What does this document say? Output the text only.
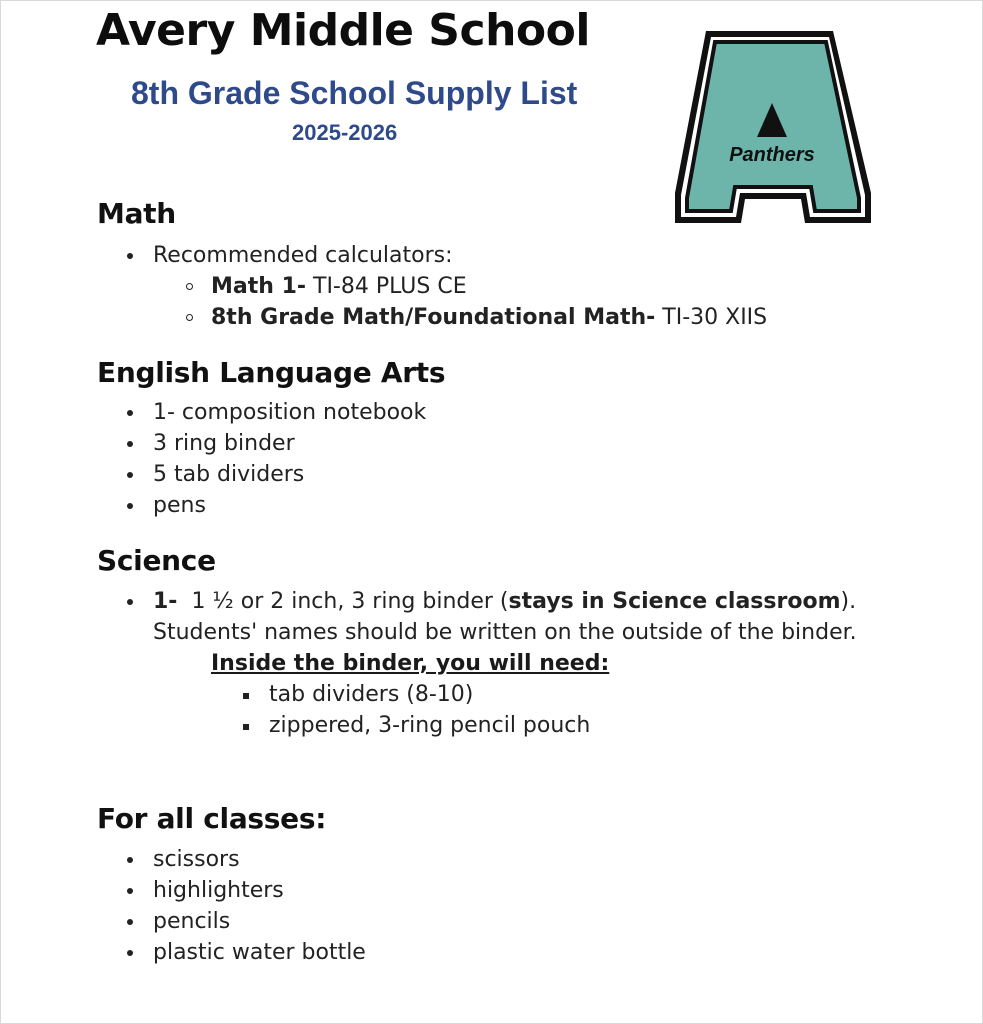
Avery Middle School
8th Grade School Supply List
2025-2026
Panthers
Math
Recommended calculators:
Math 1- TI-84 PLUS CE
8th Grade Math/Foundational Math- TI-30 XIIS
English Language Arts
1- composition notebook
3 ring binder
5 tab dividers
pens
Science
1-  1 ½ or 2 inch, 3 ring binder (stays in Science classroom).
Students' names should be written on the outside of the binder.
Inside the binder, you will need:
tab dividers (8-10)
zippered, 3-ring pencil pouch
For all classes:
scissors
highlighters
pencils
plastic water bottle
